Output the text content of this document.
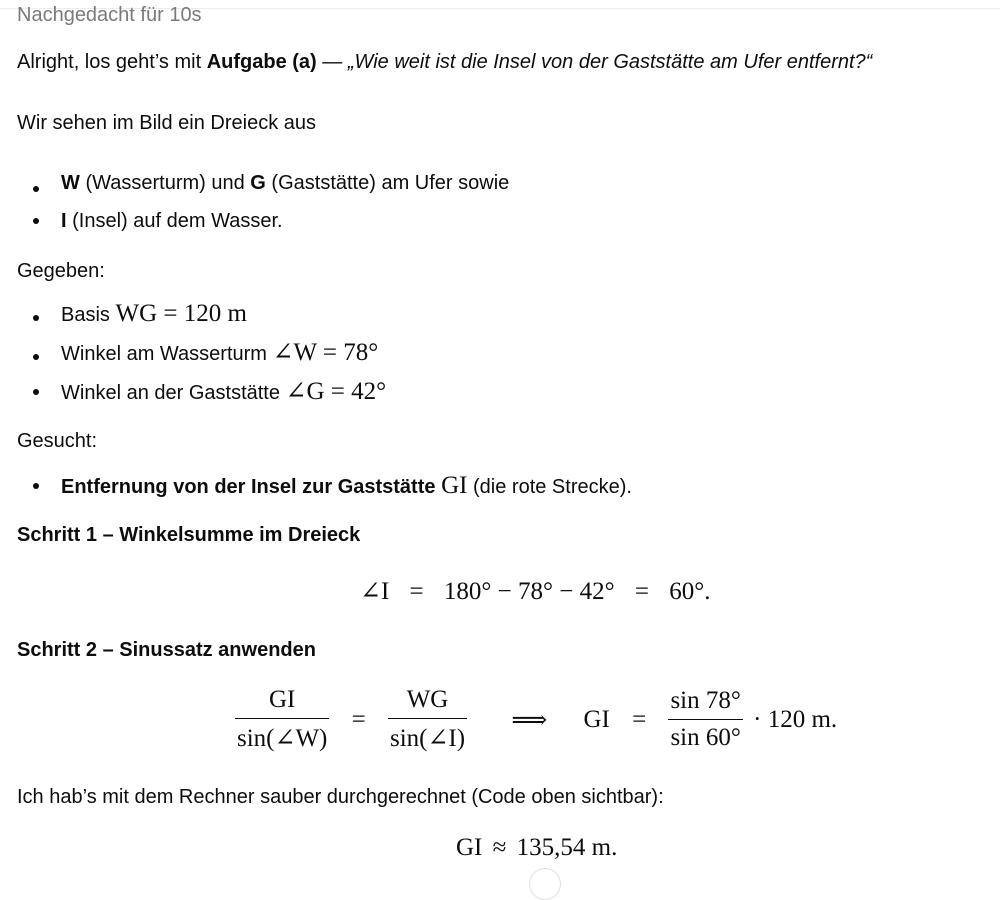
Nachgedacht für 10s
Alright, los geht’s mit Aufgabe (a) — „Wie weit ist die Insel von der Gaststätte am Ufer entfernt?“
Wir sehen im Bild ein Dreieck aus
W (Wasserturm) und G (Gaststätte) am Ufer sowie
I (Insel) auf dem Wasser.
Gegeben:
Basis WG = 120 m
Winkel am Wasserturm ∠W = 78°
Winkel an der Gaststätte ∠G = 42°
Gesucht:
Entfernung von der Insel zur Gaststätte GI (die rote Strecke).
Schritt 1 – Winkelsumme im Dreieck
∠I = 180° − 78° − 42° = 60°.
Schritt 2 – Sinussatz anwenden
$\frac{GI}{\sin(\angle W)} = \frac{WG}{\sin(\angle I)}$ ⟹ GI = $\frac{\sin 78^\circ}{\sin 60^\circ} \cdot 120$ m.
Ich hab’s mit dem Rechner sauber durchgerechnet (Code oben sichtbar):
GI ≈ 135,54 m.
